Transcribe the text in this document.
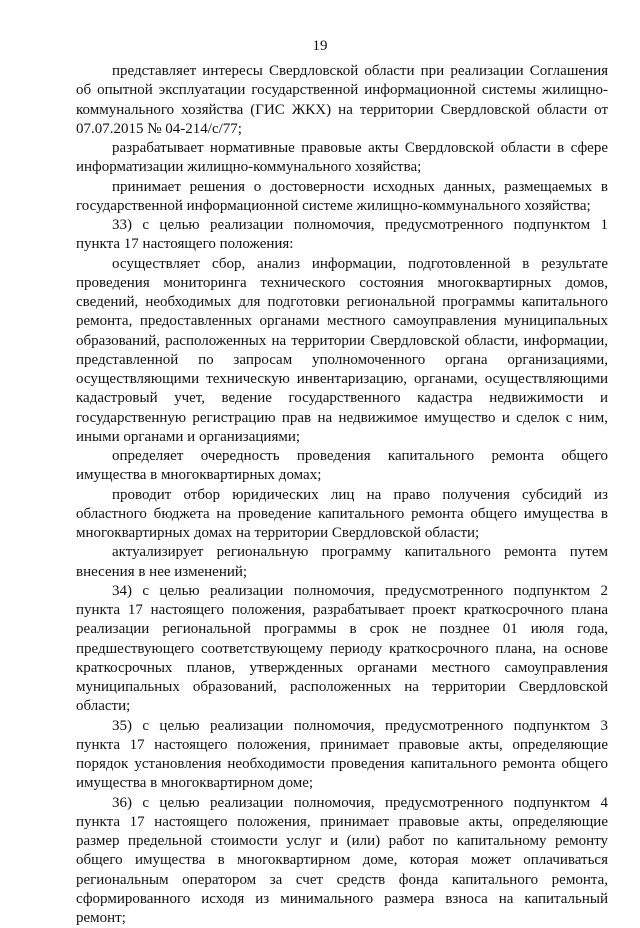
19

представляет интересы Свердловской области при реализации Соглашения об опытной эксплуатации государственной информационной системы жилищно-коммунального хозяйства (ГИС ЖКХ) на территории Свердловской области от 07.07.2015 № 04-214/с/77;

разрабатывает нормативные правовые акты Свердловской области в сфере информатизации жилищно-коммунального хозяйства;

принимает решения о достоверности исходных данных, размещаемых в государственной информационной системе жилищно-коммунального хозяйства;

33) с целью реализации полномочия, предусмотренного подпунктом 1 пункта 17 настоящего положения:

осуществляет сбор, анализ информации, подготовленной в результате проведения мониторинга технического состояния многоквартирных домов, сведений, необходимых для подготовки региональной программы капитального ремонта, предоставленных органами местного самоуправления муниципальных образований, расположенных на территории Свердловской области, информации, представленной по запросам уполномоченного органа организациями, осуществляющими техническую инвентаризацию, органами, осуществляющими кадастровый учет, ведение государственного кадастра недвижимости и государственную регистрацию прав на недвижимое имущество и сделок с ним, иными органами и организациями;

определяет очередность проведения капитального ремонта общего имущества в многоквартирных домах;

проводит отбор юридических лиц на право получения субсидий из областного бюджета на проведение капитального ремонта общего имущества в многоквартирных домах на территории Свердловской области;

актуализирует региональную программу капитального ремонта путем внесения в нее изменений;

34) с целью реализации полномочия, предусмотренного подпунктом 2 пункта 17 настоящего положения, разрабатывает проект краткосрочного плана реализации региональной программы в срок не позднее 01 июля года, предшествующего соответствующему периоду краткосрочного плана, на основе краткосрочных планов, утвержденных органами местного самоуправления муниципальных образований, расположенных на территории Свердловской области;

35) с целью реализации полномочия, предусмотренного подпунктом 3 пункта 17 настоящего положения, принимает правовые акты, определяющие порядок установления необходимости проведения капитального ремонта общего имущества в многоквартирном доме;

36) с целью реализации полномочия, предусмотренного подпунктом 4 пункта 17 настоящего положения, принимает правовые акты, определяющие размер предельной стоимости услуг и (или) работ по капитальному ремонту общего имущества в многоквартирном доме, которая может оплачиваться региональным оператором за счет средств фонда капитального ремонта, сформированного исходя из минимального размера взноса на капитальный ремонт;
